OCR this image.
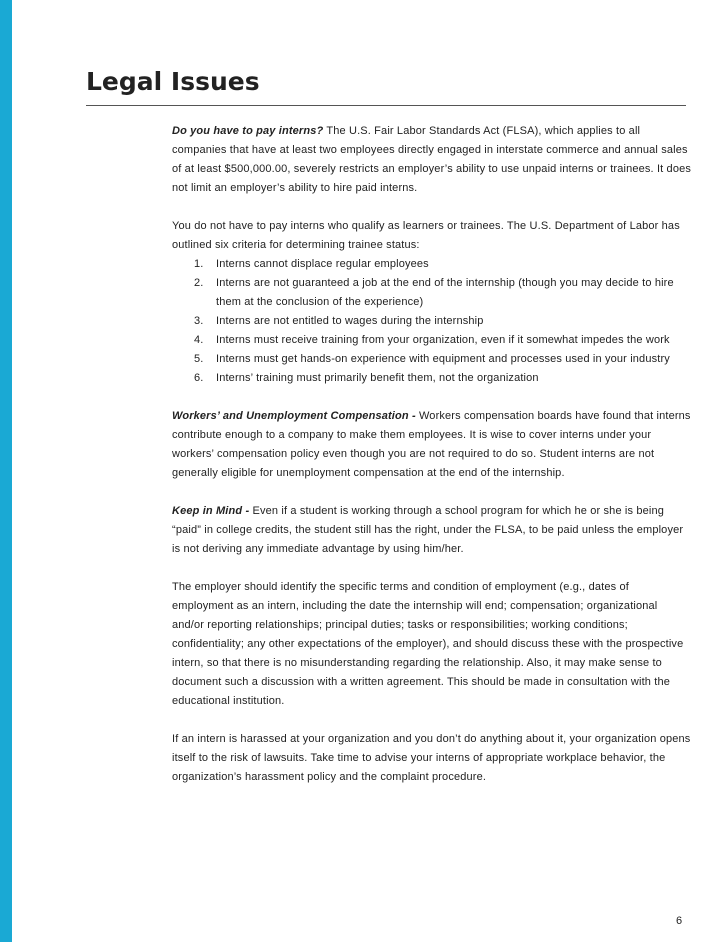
Legal Issues

Do you have to pay interns? The U.S. Fair Labor Standards Act (FLSA), which applies to all companies that have at least two employees directly engaged in interstate commerce and annual sales of at least $500,000.00, severely restricts an employer’s ability to use unpaid interns or trainees. It does not limit an employer’s ability to hire paid interns.

You do not have to pay interns who qualify as learners or trainees. The U.S. Department of Labor has outlined six criteria for determining trainee status:
1. Interns cannot displace regular employees
2. Interns are not guaranteed a job at the end of the internship (though you may decide to hire them at the conclusion of the experience)
3. Interns are not entitled to wages during the internship
4. Interns must receive training from your organization, even if it somewhat impedes the work
5. Interns must get hands-on experience with equipment and processes used in your industry
6. Interns’ training must primarily benefit them, not the organization

Workers’ and Unemployment Compensation - Workers compensation boards have found that interns contribute enough to a company to make them employees. It is wise to cover interns under your workers’ compensation policy even though you are not required to do so. Student interns are not generally eligible for unemployment compensation at the end of the internship.

Keep in Mind - Even if a student is working through a school program for which he or she is being “paid” in college credits, the student still has the right, under the FLSA, to be paid unless the employer is not deriving any immediate advantage by using him/her.

The employer should identify the specific terms and condition of employment (e.g., dates of employment as an intern, including the date the internship will end; compensation; organizational and/or reporting relationships; principal duties; tasks or responsibilities; working conditions; confidentiality; any other expectations of the employer), and should discuss these with the prospective intern, so that there is no misunderstanding regarding the relationship. Also, it may make sense to document such a discussion with a written agreement. This should be made in consultation with the educational institution.

If an intern is harassed at your organization and you don’t do anything about it, your organization opens itself to the risk of lawsuits. Take time to advise your interns of appropriate workplace behavior, the organization’s harassment policy and the complaint procedure.

6
